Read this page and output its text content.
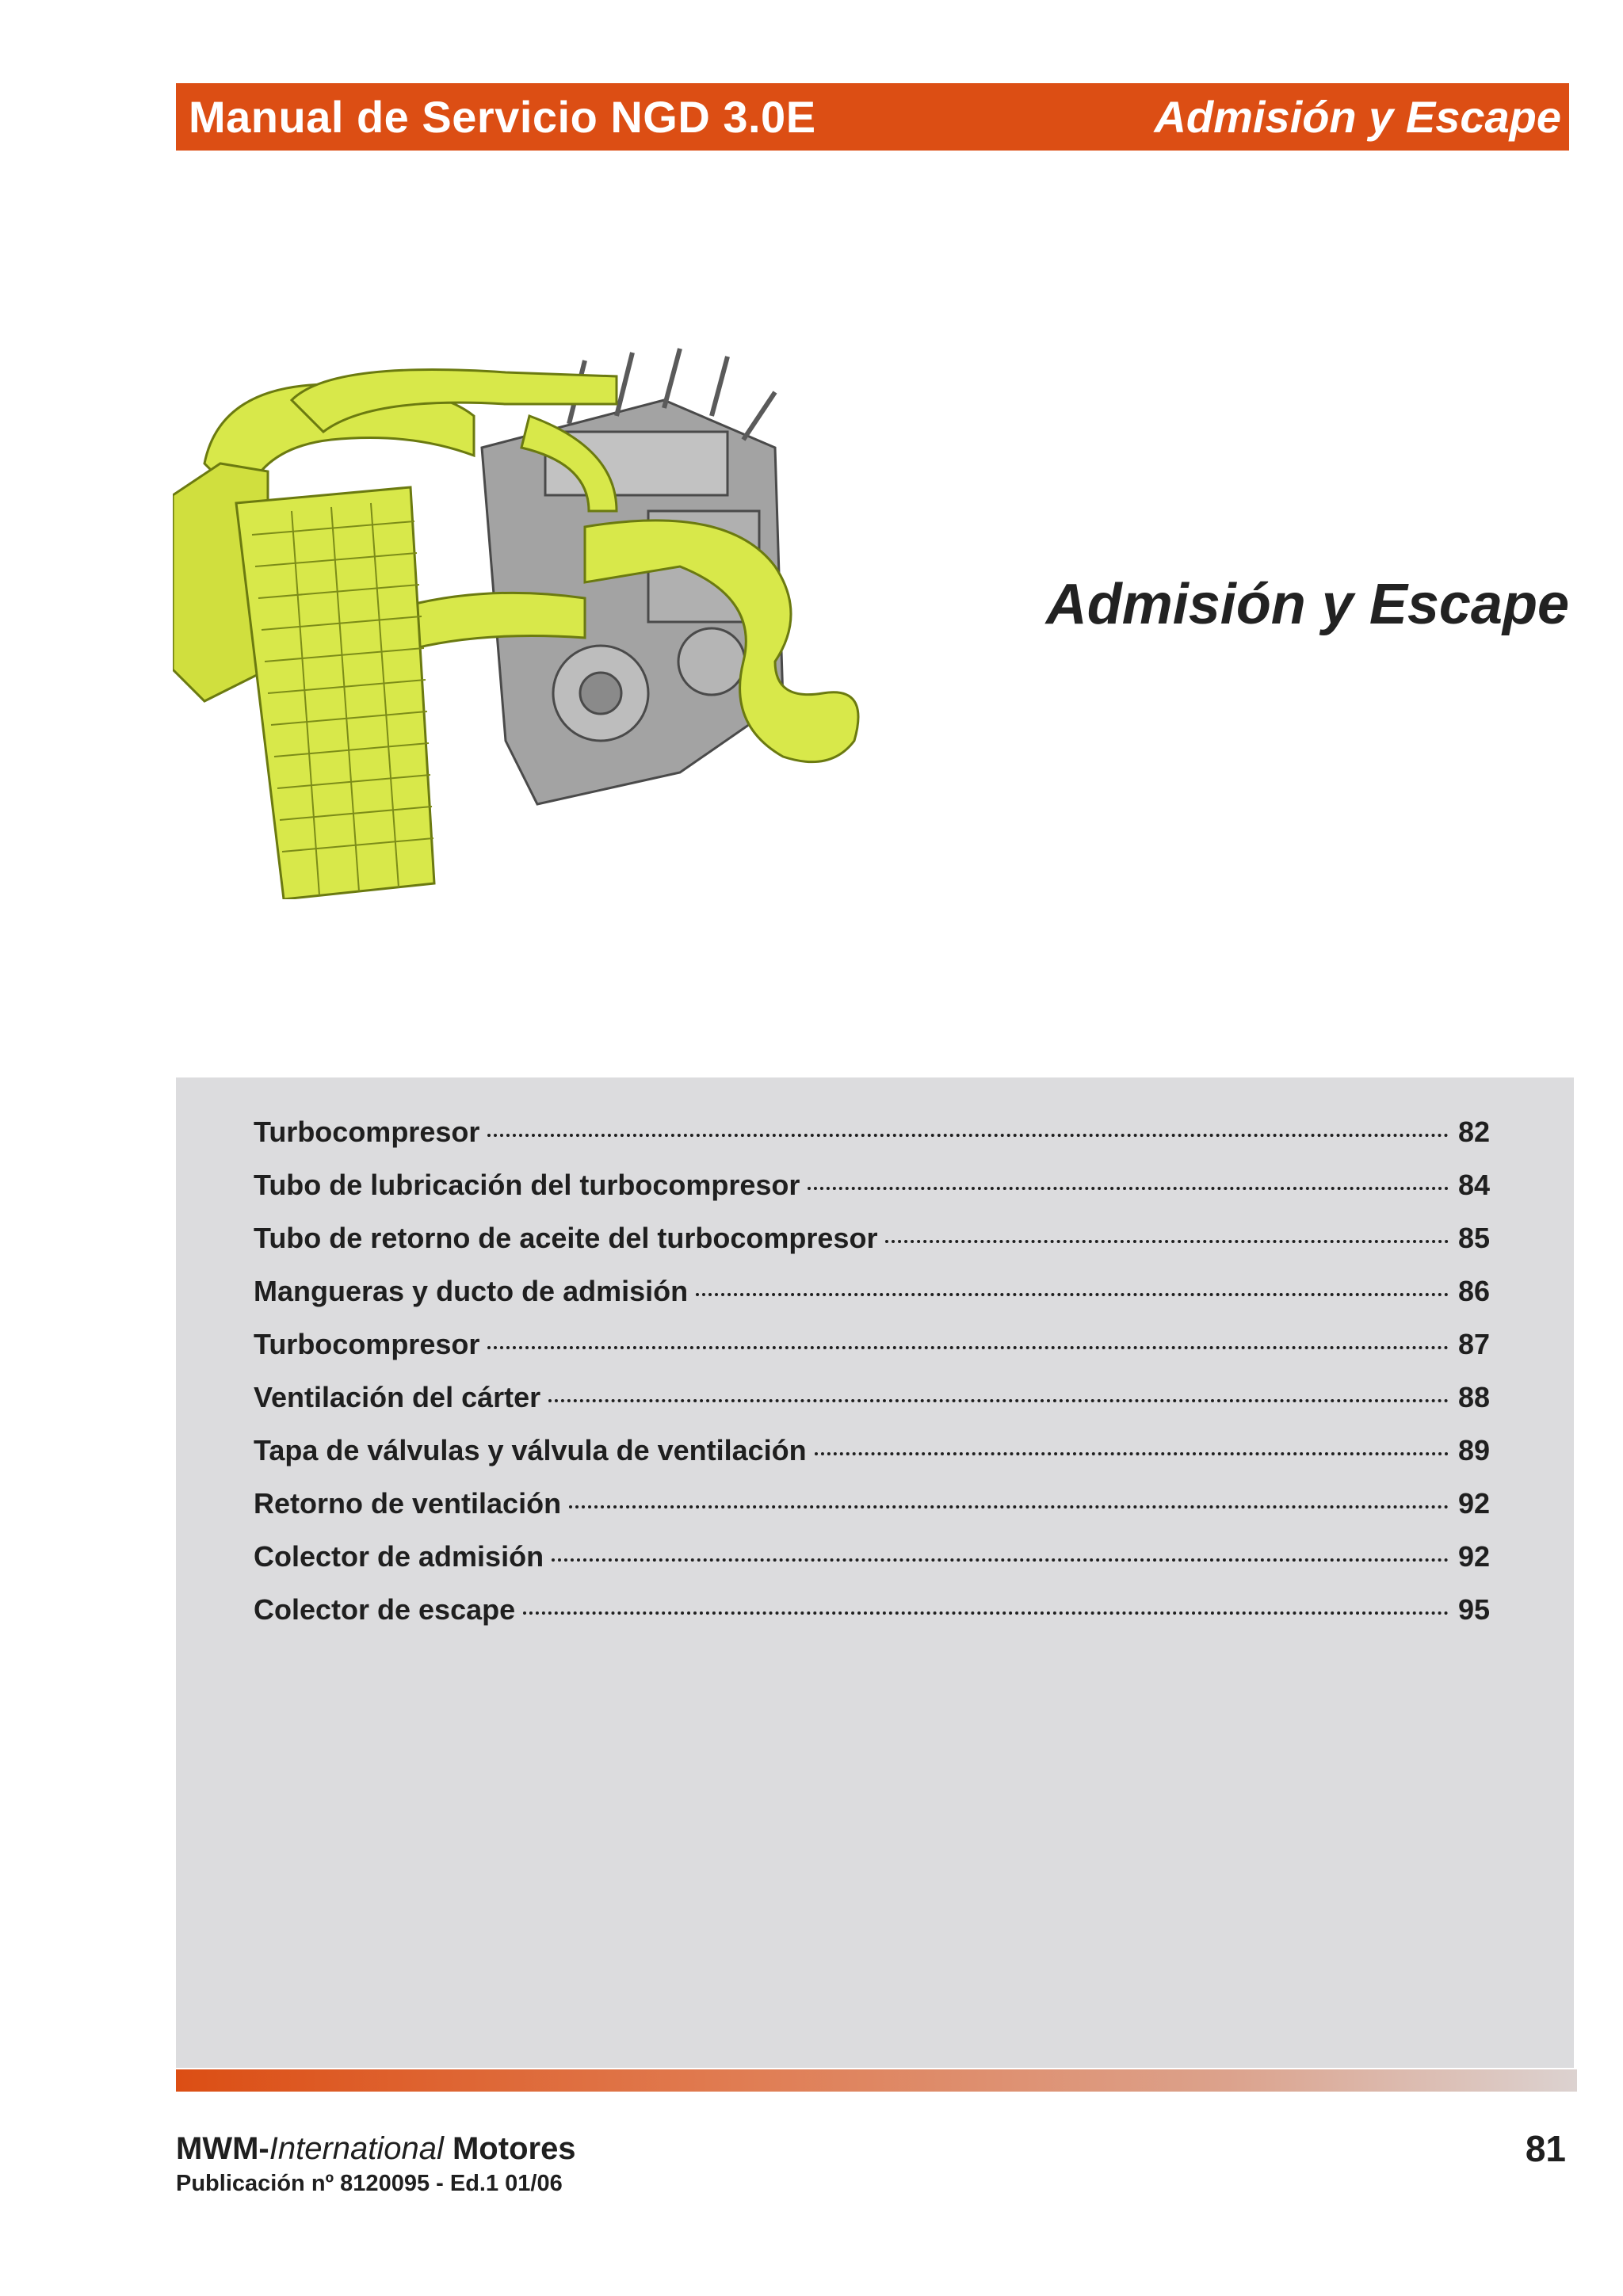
Manual de Servicio NGD 3.0E	Admisión y Escape
Admisión y Escape
Turbocompresor	82
Tubo de lubricación del turbocompresor	84
Tubo de retorno de aceite del turbocompresor	85
Mangueras y ducto de admisión	86
Turbocompresor	87
Ventilación del cárter	88
Tapa de válvulas y válvula de ventilación	89
Retorno de ventilación	92
Colector de admisión	92
Colector de escape	95
MWM-International Motores
Publicación nº 8120095 - Ed.1 01/06
81
